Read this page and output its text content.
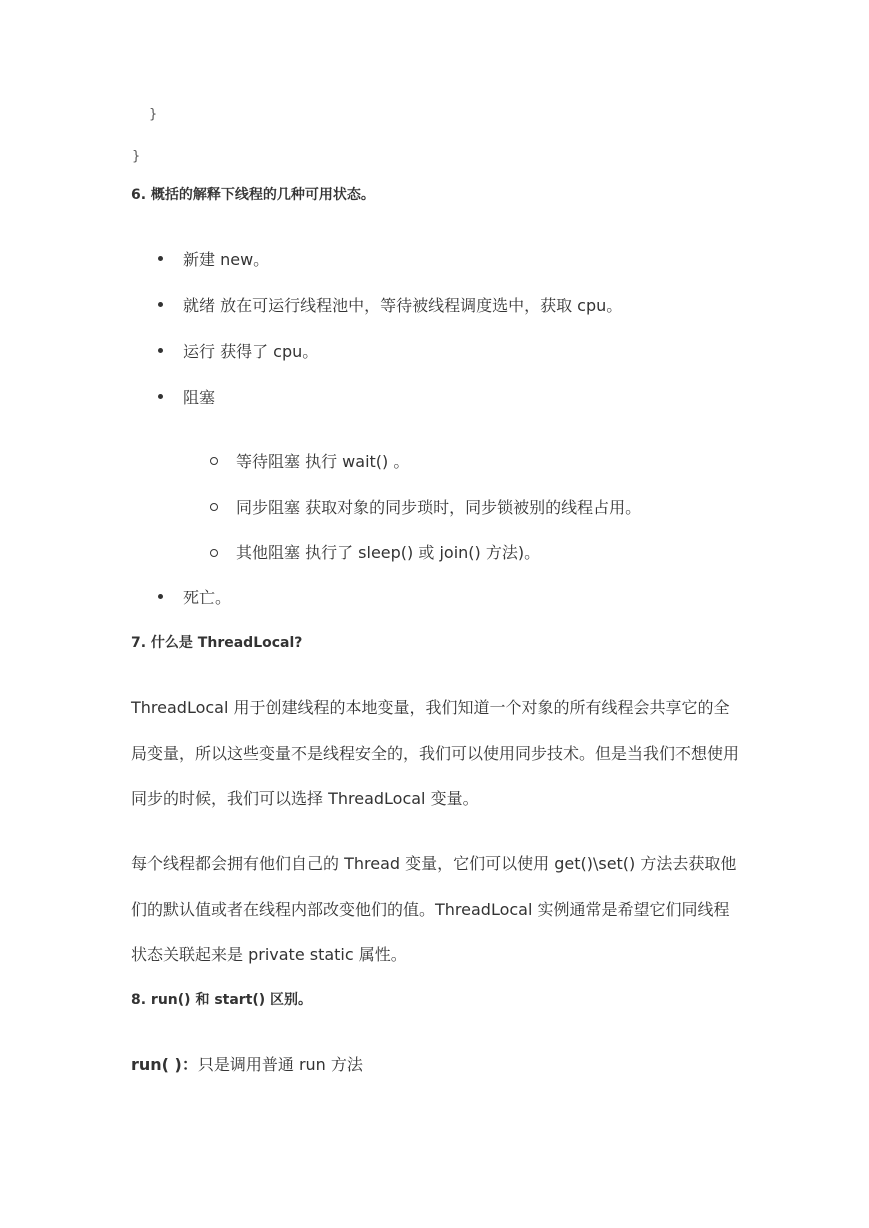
}
}
6. 概括的解释下线程的几种可用状态。
新建 new。
就绪 放在可运行线程池中，等待被线程调度选中，获取 cpu。
运行 获得了 cpu。
阻塞
等待阻塞 执行 wait() 。
同步阻塞 获取对象的同步琐时，同步锁被别的线程占用。
其他阻塞 执行了 sleep() 或 join() 方法)。
死亡。
7. 什么是 ThreadLocal?
ThreadLocal 用于创建线程的本地变量，我们知道一个对象的所有线程会共享它的全
局变量，所以这些变量不是线程安全的，我们可以使用同步技术。但是当我们不想使用
同步的时候，我们可以选择 ThreadLocal 变量。
每个线程都会拥有他们自己的 Thread 变量，它们可以使用 get()\set() 方法去获取他
们的默认值或者在线程内部改变他们的值。ThreadLocal 实例通常是希望它们同线程
状态关联起来是 private static 属性。
8. run() 和 start() 区别。
run( )：只是调用普通 run 方法
